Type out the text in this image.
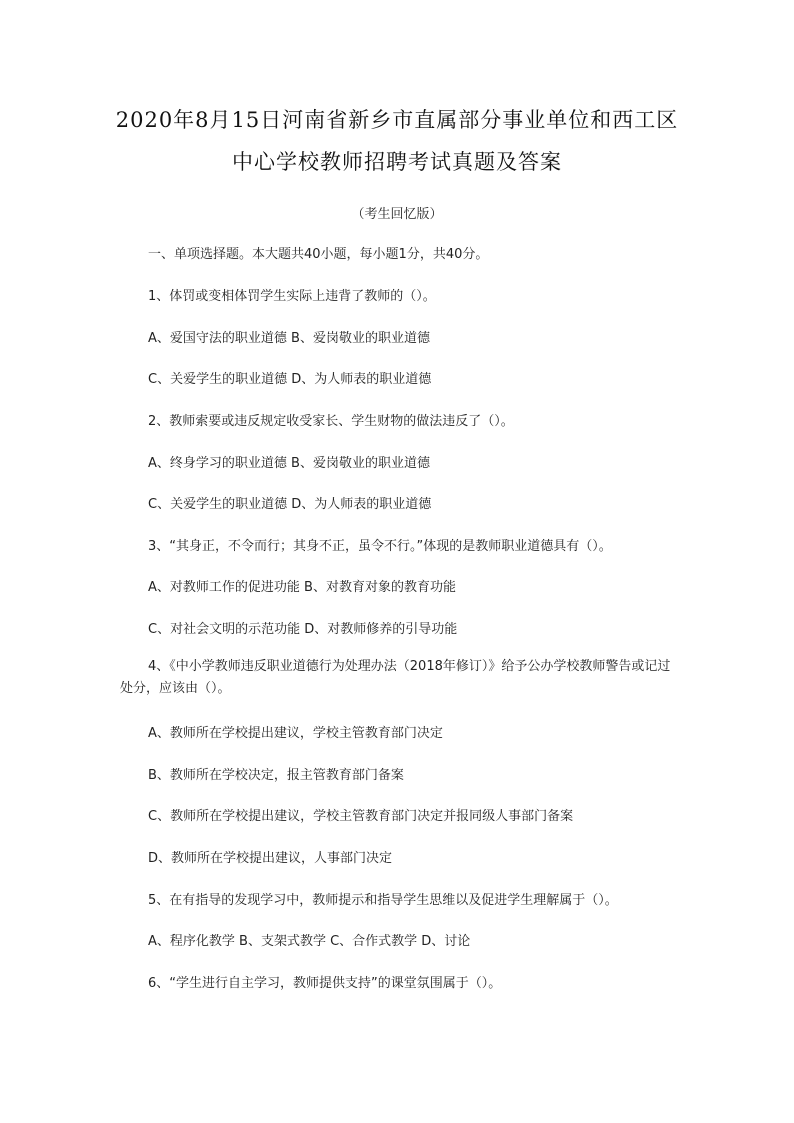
2020年8月15日河南省新乡市直属部分事业单位和西工区
中心学校教师招聘考试真题及答案
（考生回忆版）
一、单项选择题。本大题共40小题，每小题1分，共40分。
1、体罚或变相体罚学生实际上违背了教师的（）。
A、爱国守法的职业道德 B、爱岗敬业的职业道德
C、关爱学生的职业道德 D、为人师表的职业道德
2、教师索要或违反规定收受家长、学生财物的做法违反了（）。
A、终身学习的职业道德 B、爱岗敬业的职业道德
C、关爱学生的职业道德 D、为人师表的职业道德
3、“其身正，不令而行；其身不正，虽令不行。”体现的是教师职业道德具有（）。
A、对教师工作的促进功能 B、对教育对象的教育功能
C、对社会文明的示范功能 D、对教师修养的引导功能
4、《中小学教师违反职业道德行为处理办法（2018年修订）》给予公办学校教师警告或记过处分，应该由（）。
A、教师所在学校提出建议，学校主管教育部门决定
B、教师所在学校决定，报主管教育部门备案
C、教师所在学校提出建议，学校主管教育部门决定并报同级人事部门备案
D、教师所在学校提出建议，人事部门决定
5、在有指导的发现学习中，教师提示和指导学生思维以及促进学生理解属于（）。
A、程序化教学 B、支架式教学 C、合作式教学 D、讨论
6、“学生进行自主学习，教师提供支持”的课堂氛围属于（）。
